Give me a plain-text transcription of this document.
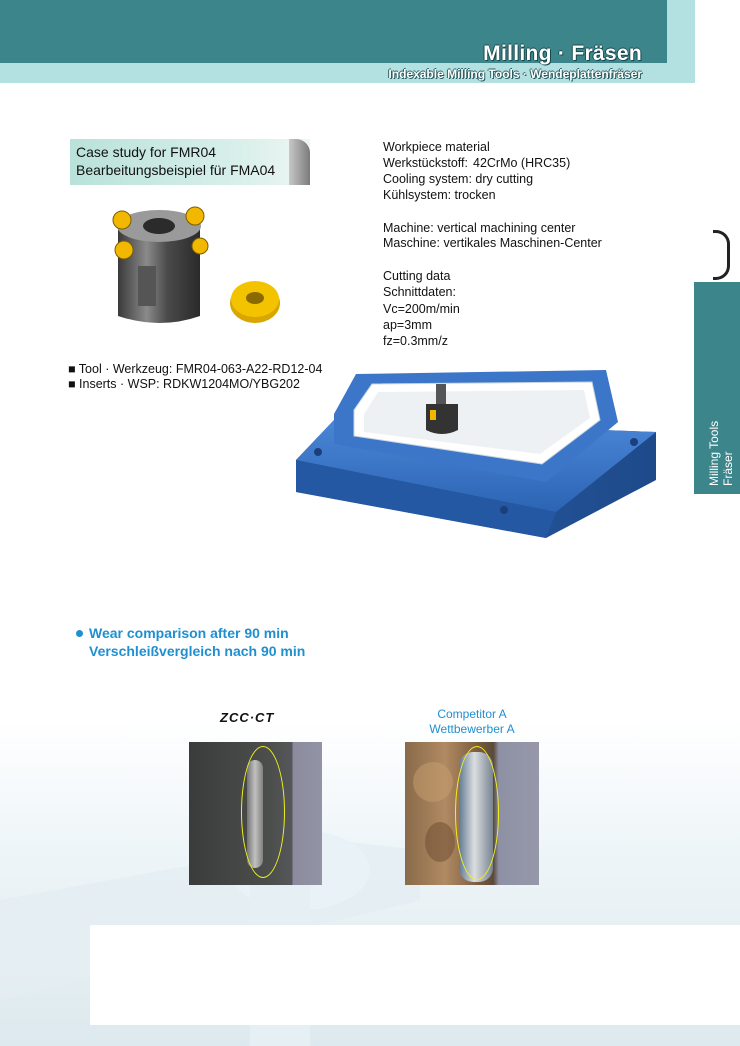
Milling · Fräsen
Indexable Milling Tools · Wendeplattenfräser
Milling Tools Fräser
Case study for FMR04
Bearbeitungsbeispiel für FMA04
Workpiece material
Werkstückstoff: 42CrMo (HRC35)
Cooling system: dry cutting
Kühlsystem: trocken
Machine: vertical machining center
Maschine: vertikales Maschinen-Center
Cutting data
Schnittdaten:
Vc=200m/min
ap=3mm
fz=0.3mm/z
■ Tool · Werkzeug: FMR04-063-A22-RD12-04
■ Inserts · WSP: RDKW1204MO/YBG202
Wear comparison after 90 min
Verschleißvergleich nach 90 min
ZCC·CT	Competitor A
Wettbewerber A
